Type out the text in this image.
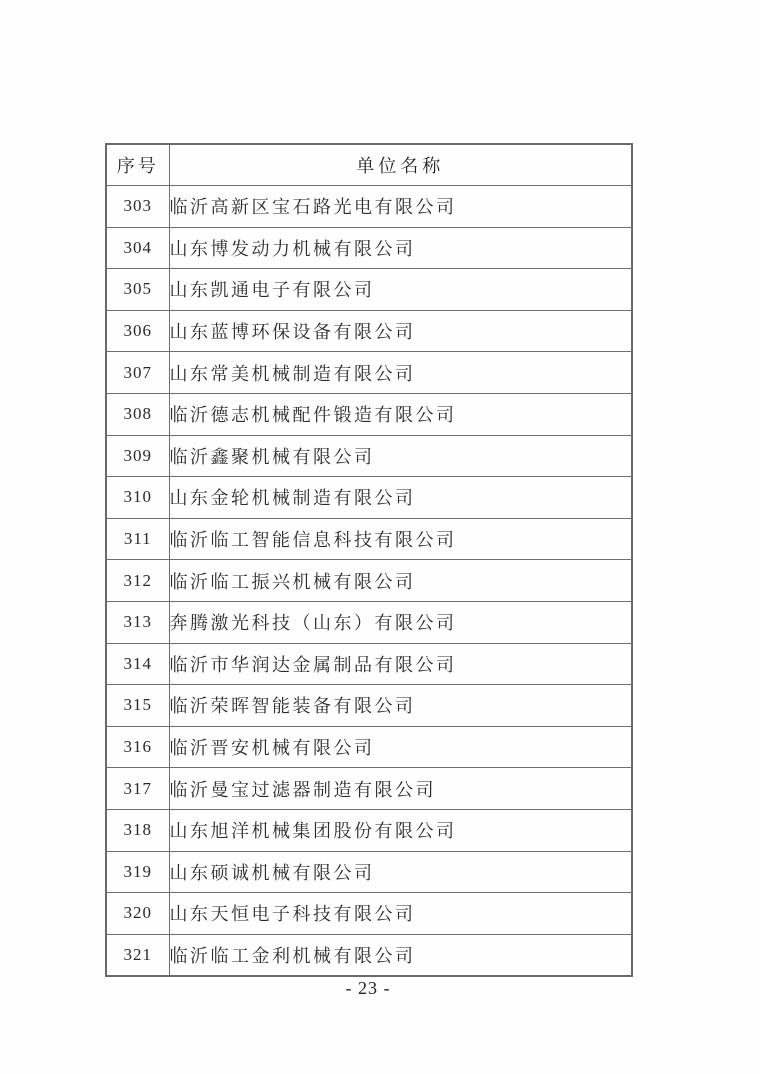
序号	单位名称
303	临沂高新区宝石路光电有限公司
304	山东博发动力机械有限公司
305	山东凯通电子有限公司
306	山东蓝博环保设备有限公司
307	山东常美机械制造有限公司
308	临沂德志机械配件锻造有限公司
309	临沂鑫聚机械有限公司
310	山东金轮机械制造有限公司
311	临沂临工智能信息科技有限公司
312	临沂临工振兴机械有限公司
313	奔腾激光科技（山东）有限公司
314	临沂市华润达金属制品有限公司
315	临沂荣晖智能装备有限公司
316	临沂晋安机械有限公司
317	临沂曼宝过滤器制造有限公司
318	山东旭洋机械集团股份有限公司
319	山东硕诚机械有限公司
320	山东天恒电子科技有限公司
321	临沂临工金利机械有限公司
- 23 -
